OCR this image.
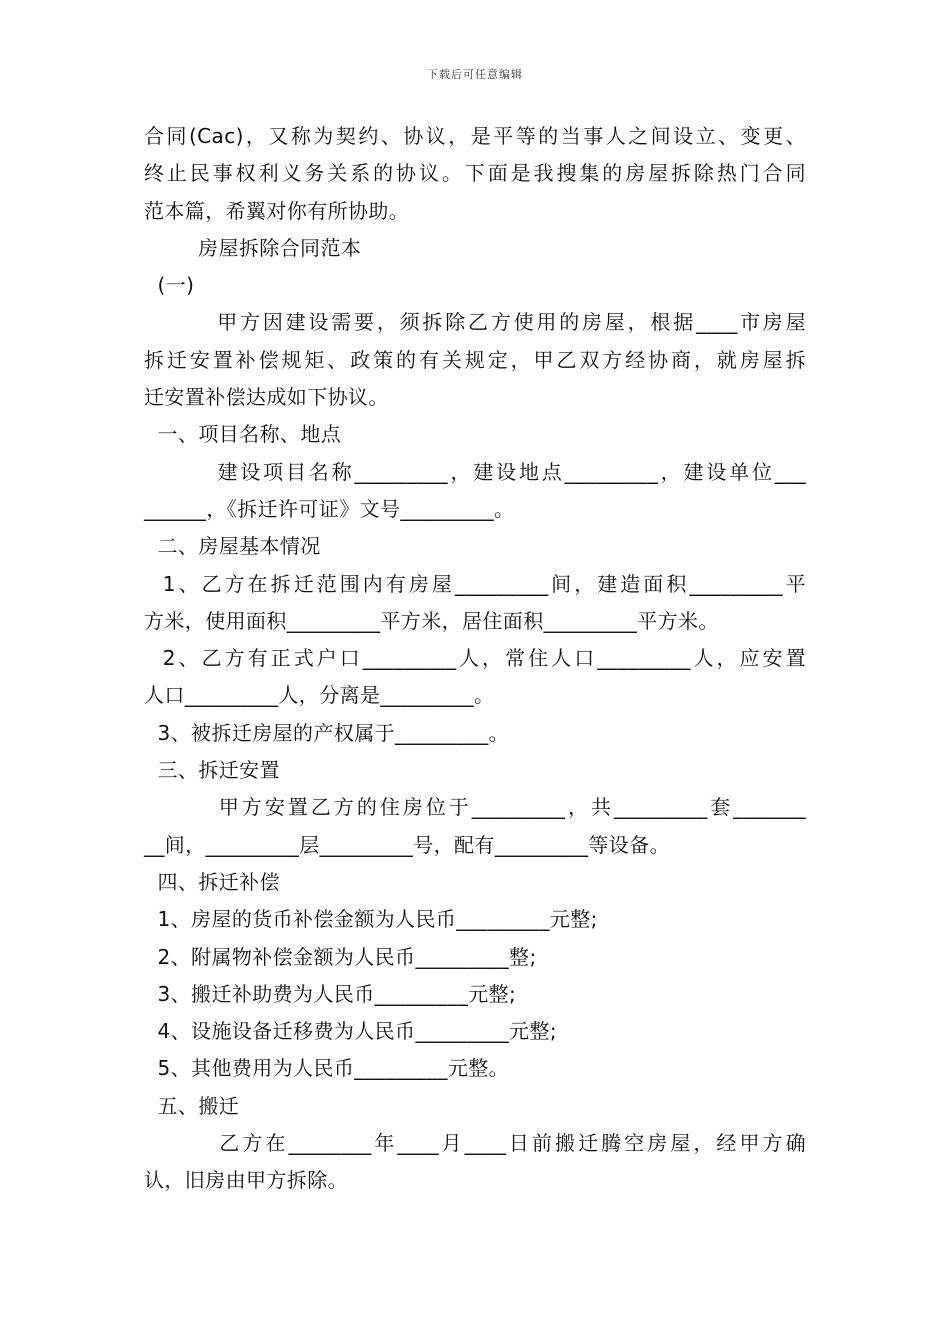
下载后可任意编辑
合同(Cac)，又称为契约、协议，是平等的当事人之间设立、变更、
终止民事权利义务关系的协议。下面是我搜集的房屋拆除热门合同
范本篇，希翼对你有所协助。
房屋拆除合同范本
(一)
甲方因建设需要，须拆除乙方使用的房屋，根据____市房屋
拆迁安置补偿规矩、政策的有关规定，甲乙双方经协商，就房屋拆
迁安置补偿达成如下协议。
一、项目名称、地点
建设项目名称_________，建设地点_________，建设单位___
______，《拆迁许可证》文号_________。
二、房屋基本情况
1、乙方在拆迁范围内有房屋_________间，建造面积_________平
方米，使用面积_________平方米，居住面积_________平方米。
2、乙方有正式户口_________人，常住人口_________人，应安置
人口_________人，分离是_________。
3、被拆迁房屋的产权属于_________。
三、拆迁安置
甲方安置乙方的住房位于_________，共_________套_______
__间，_________层_________号，配有_________等设备。
四、拆迁补偿
1、房屋的货币补偿金额为人民币_________元整;
2、附属物补偿金额为人民币_________整;
3、搬迁补助费为人民币_________元整;
4、设施设备迁移费为人民币_________元整;
5、其他费用为人民币_________元整。
五、搬迁
乙方在________年____月____日前搬迁腾空房屋，经甲方确
认，旧房由甲方拆除。
